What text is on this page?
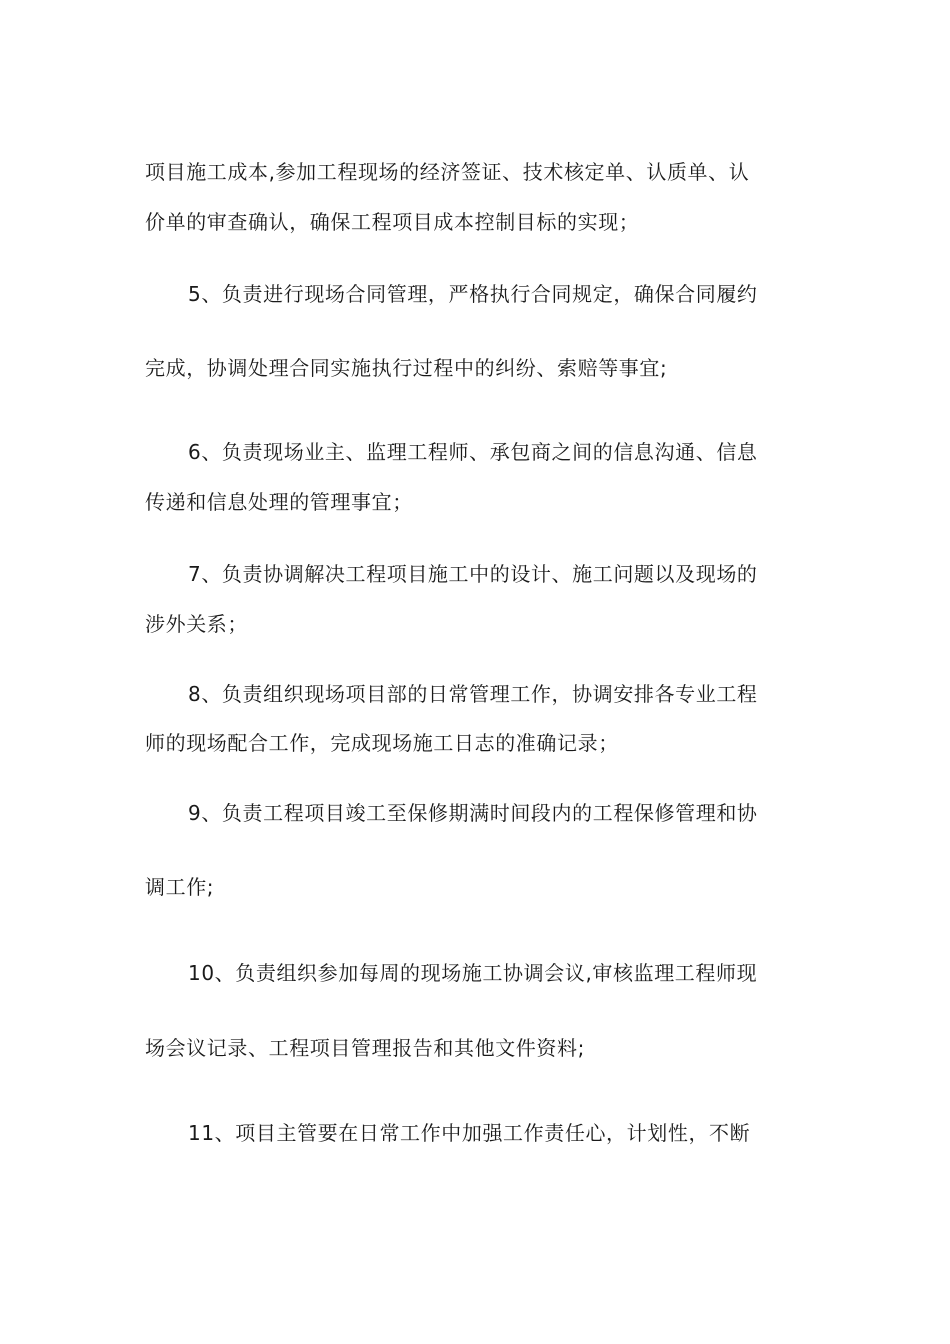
项目施工成本,参加工程现场的经济签证、技术核定单、认质单、认
价单的审查确认，确保工程项目成本控制目标的实现；
5、负责进行现场合同管理，严格执行合同规定，确保合同履约
完成，协调处理合同实施执行过程中的纠纷、索赔等事宜;
6、负责现场业主、监理工程师、承包商之间的信息沟通、信息
传递和信息处理的管理事宜；
7、负责协调解决工程项目施工中的设计、施工问题以及现场的
涉外关系；
8、负责组织现场项目部的日常管理工作，协调安排各专业工程
师的现场配合工作，完成现场施工日志的准确记录；
9、负责工程项目竣工至保修期满时间段内的工程保修管理和协
调工作;
10、负责组织参加每周的现场施工协调会议,审核监理工程师现
场会议记录、工程项目管理报告和其他文件资料;
11、项目主管要在日常工作中加强工作责任心，计划性，不断
